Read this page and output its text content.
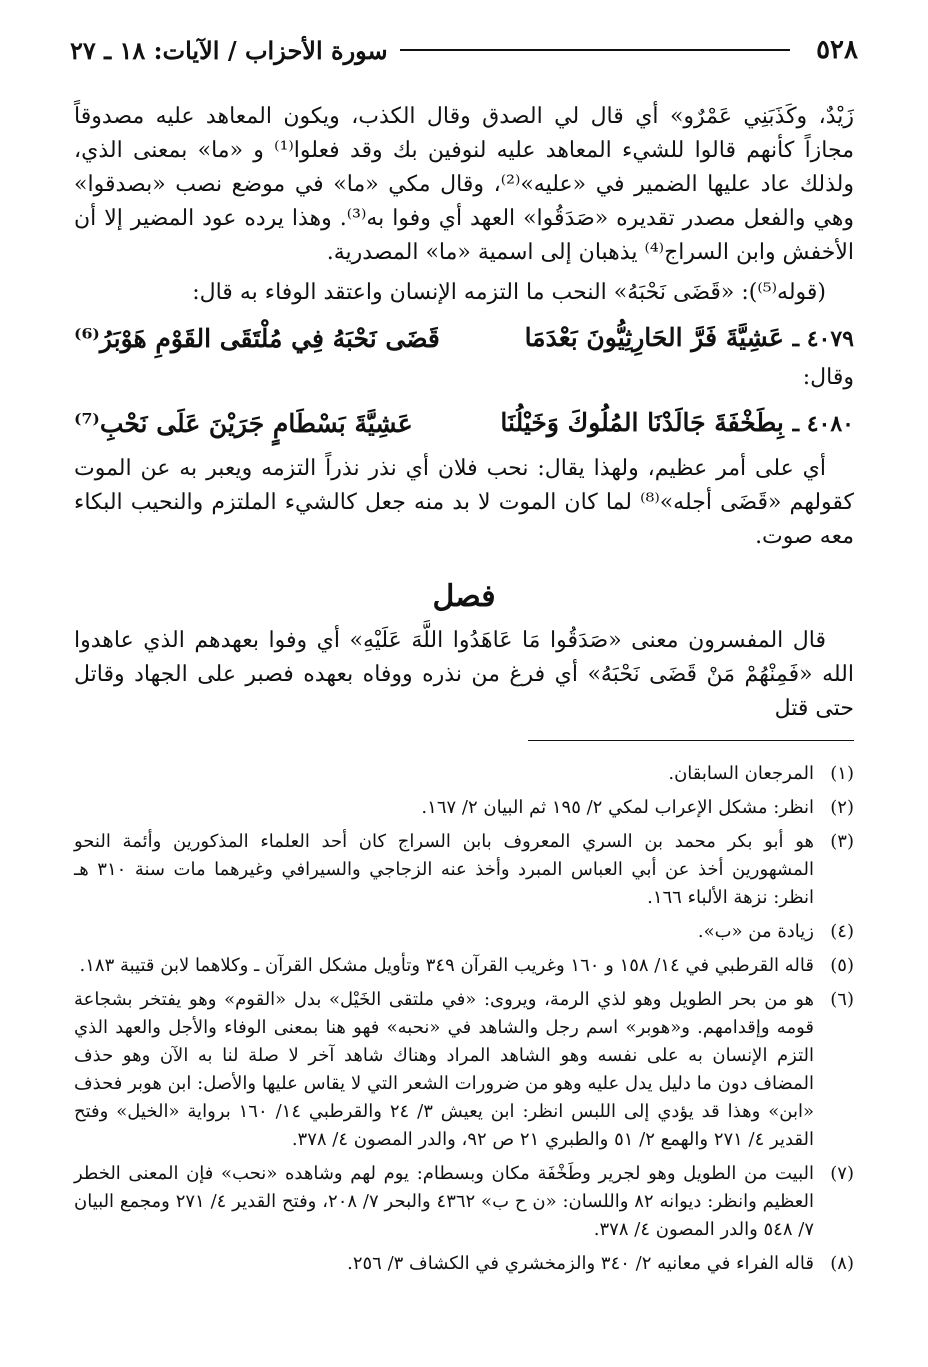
٥٢٨
سورة الأحزاب / الآيات: ١٨ ـ ٢٧

زَيْدٌ، وكَذَبَنِي عَمْرٌو» أي قال لي الصدق وقال الكذب، ويكون المعاهد عليه مصدوقاً مجازاً كأنهم قالوا للشيء المعاهد عليه لنوفين بك وقد فعلوا⁽¹⁾ و «ما» بمعنى الذي، ولذلك عاد عليها الضمير في «عليه»⁽²⁾، وقال مكي «ما» في موضع نصب «بصدقوا» وهي والفعل مصدر تقديره «صَدَقُوا» العهد أي وفوا به⁽³⁾. وهذا يرده عود المضير إلا أن الأخفش وابن السراج⁽⁴⁾ يذهبان إلى اسمية «ما» المصدرية.

(قوله⁽⁵⁾): «قَضَى نَحْبَهُ» النحب ما التزمه الإنسان واعتقد الوفاء به قال:

٤٠٧٩ ـ عَشِيَّةَ فَرَّ الحَارِثِيُّونَ بَعْدَمَا
قَضَى نَحْبَهُ فِي مُلْتَقَى القَوْمِ هَوْبَرُ⁽⁶⁾

وقال:

٤٠٨٠ ـ بِطَخْفَةَ جَالَدْنَا المُلُوكَ وَخَيْلُنَا
عَشِيَّةَ بَسْطَامٍ جَرَيْنَ عَلَى نَحْبِ⁽⁷⁾

أي على أمر عظيم، ولهذا يقال: نحب فلان أي نذر نذراً التزمه ويعبر به عن الموت كقولهم «قَضَى أجله»⁽⁸⁾ لما كان الموت لا بد منه جعل كالشيء الملتزم والنحيب البكاء معه صوت.

فصل

قال المفسرون معنى «صَدَقُوا مَا عَاهَدُوا اللَّهَ عَلَيْهِ» أي وفوا بعهدهم الذي عاهدوا الله «فَمِنْهُمْ مَنْ قَضَى نَحْبَهُ» أي فرغ من نذره ووفاه بعهده فصبر على الجهاد وقاتل حتى قتل

(١)
المرجعان السابقان.
(٢)
انظر: مشكل الإعراب لمكي ٢/ ١٩٥ ثم البيان ٢/ ١٦٧.
(٣)
هو أبو بكر محمد بن السري المعروف بابن السراج كان أحد العلماء المذكورين وأئمة النحو المشهورين أخذ عن أبي العباس المبرد وأخذ عنه الزجاجي والسيرافي وغيرهما مات سنة ٣١٠ هـ انظر: نزهة الألباء ١٦٦.
(٤)
زيادة من «ب».
(٥)
قاله القرطبي في ١٤/ ١٥٨ و ١٦٠ وغريب القرآن ٣٤٩ وتأويل مشكل القرآن ـ وكلاهما لابن قتيبة ١٨٣.
(٦)
هو من بحر الطويل وهو لذي الرمة، ويروى: «في ملتقى الخَيْل» بدل «القوم» وهو يفتخر بشجاعة قومه وإقدامهم. و«هوبر» اسم رجل والشاهد في «نحبه» فهو هنا بمعنى الوفاء والأجل والعهد الذي التزم الإنسان به على نفسه وهو الشاهد المراد وهناك شاهد آخر لا صلة لنا به الآن وهو حذف المضاف دون ما دليل يدل عليه وهو من ضرورات الشعر التي لا يقاس عليها والأصل: ابن هوبر فحذف «ابن» وهذا قد يؤدي إلى اللبس انظر: ابن يعيش ٣/ ٢٤ والقرطبي ١٤/ ١٦٠ برواية «الخيل» وفتح القدير ٤/ ٢٧١ والهمع ٢/ ٥١ والطبري ٢١ ص ٩٢، والدر المصون ٤/ ٣٧٨.
(٧)
البيت من الطويل وهو لجرير وطَخْفَة مكان وبسطام: يوم لهم وشاهده «نحب» فإن المعنى الخطر العظيم وانظر: ديوانه ٨٢ واللسان: «ن ح ب» ٤٣٦٢ والبحر ٧/ ٢٠٨، وفتح القدير ٤/ ٢٧١ ومجمع البيان ٧/ ٥٤٨ والدر المصون ٤/ ٣٧٨.
(٨)
قاله الفراء في معانيه ٢/ ٣٤٠ والزمخشري في الكشاف ٣/ ٢٥٦.
